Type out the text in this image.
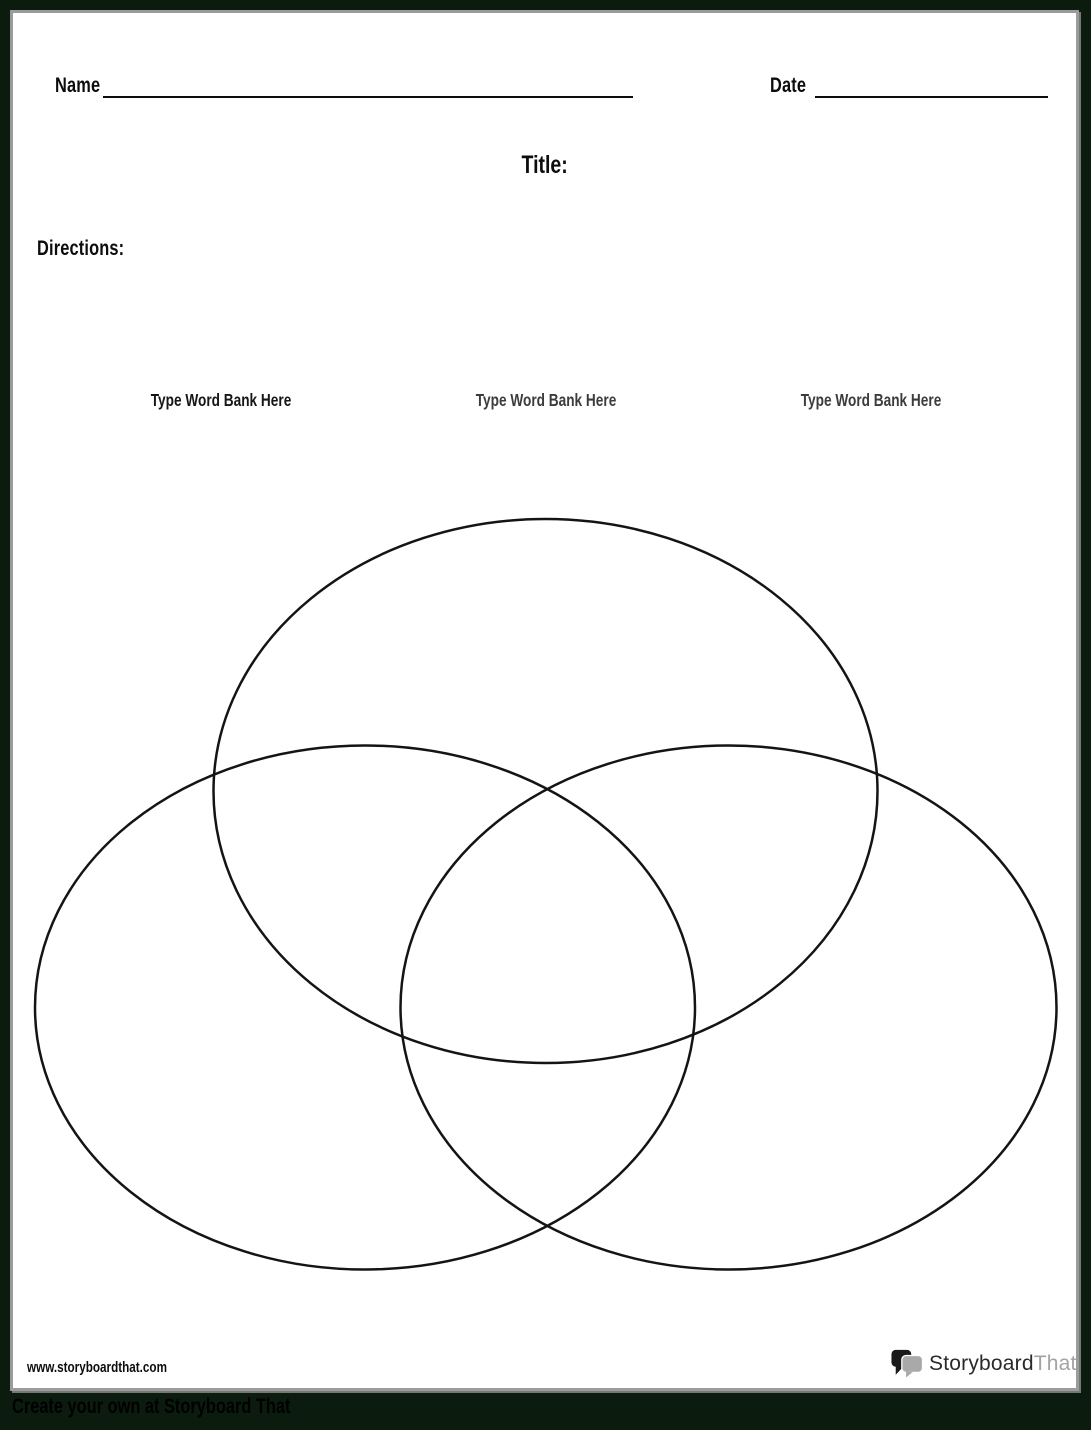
Name	Date
Title:
Directions:
Type Word Bank Here	Type Word Bank Here	Type Word Bank Here
www.storyboardthat.com	StoryboardThat
Create your own at Storyboard That
